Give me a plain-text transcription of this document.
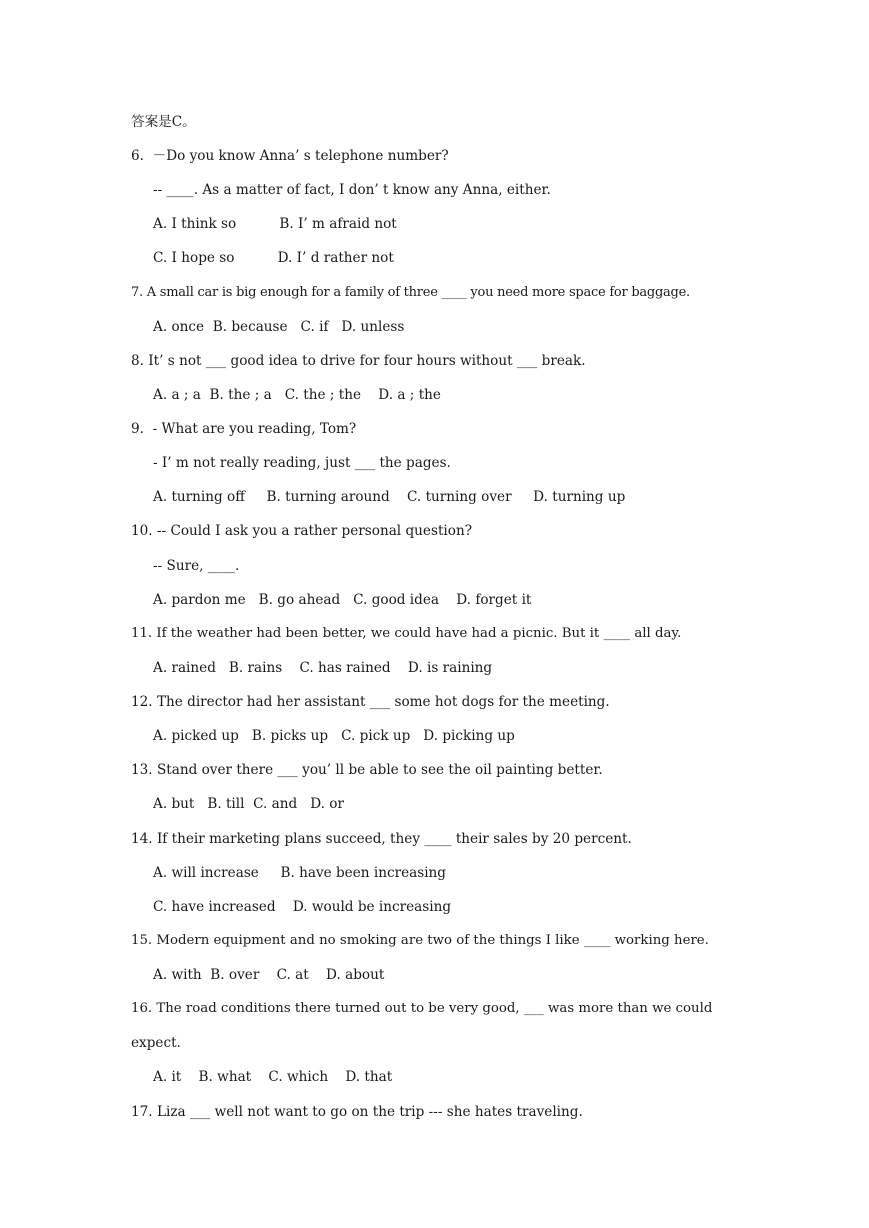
答案是C。
6.  －Do you know Anna’ s telephone number?
-- ____. As a matter of fact, I don’ t know any Anna, either.
A. I think so          B. I’ m afraid not
C. I hope so          D. I’ d rather not
7. A small car is big enough for a family of three ____ you need more space for baggage.
A. once  B. because   C. if   D. unless
8. It’ s not ___ good idea to drive for four hours without ___ break.
A. a ; a  B. the ; a   C. the ; the    D. a ; the
9.  - What are you reading, Tom?
- I’ m not really reading, just ___ the pages.
A. turning off     B. turning around    C. turning over     D. turning up
10. -- Could I ask you a rather personal question?
-- Sure, ____.
A. pardon me   B. go ahead   C. good idea    D. forget it
11. If the weather had been better, we could have had a picnic. But it ____ all day.
A. rained   B. rains    C. has rained    D. is raining
12. The director had her assistant ___ some hot dogs for the meeting.
A. picked up   B. picks up   C. pick up   D. picking up
13. Stand over there ___ you’ ll be able to see the oil painting better.
A. but   B. till  C. and   D. or
14. If their marketing plans succeed, they ____ their sales by 20 percent.
A. will increase     B. have been increasing
C. have increased    D. would be increasing
15. Modern equipment and no smoking are two of the things I like ____ working here.
A. with  B. over    C. at    D. about
16. The road conditions there turned out to be very good, ___ was more than we could
expect.
A. it    B. what    C. which    D. that
17. Liza ___ well not want to go on the trip --- she hates traveling.
